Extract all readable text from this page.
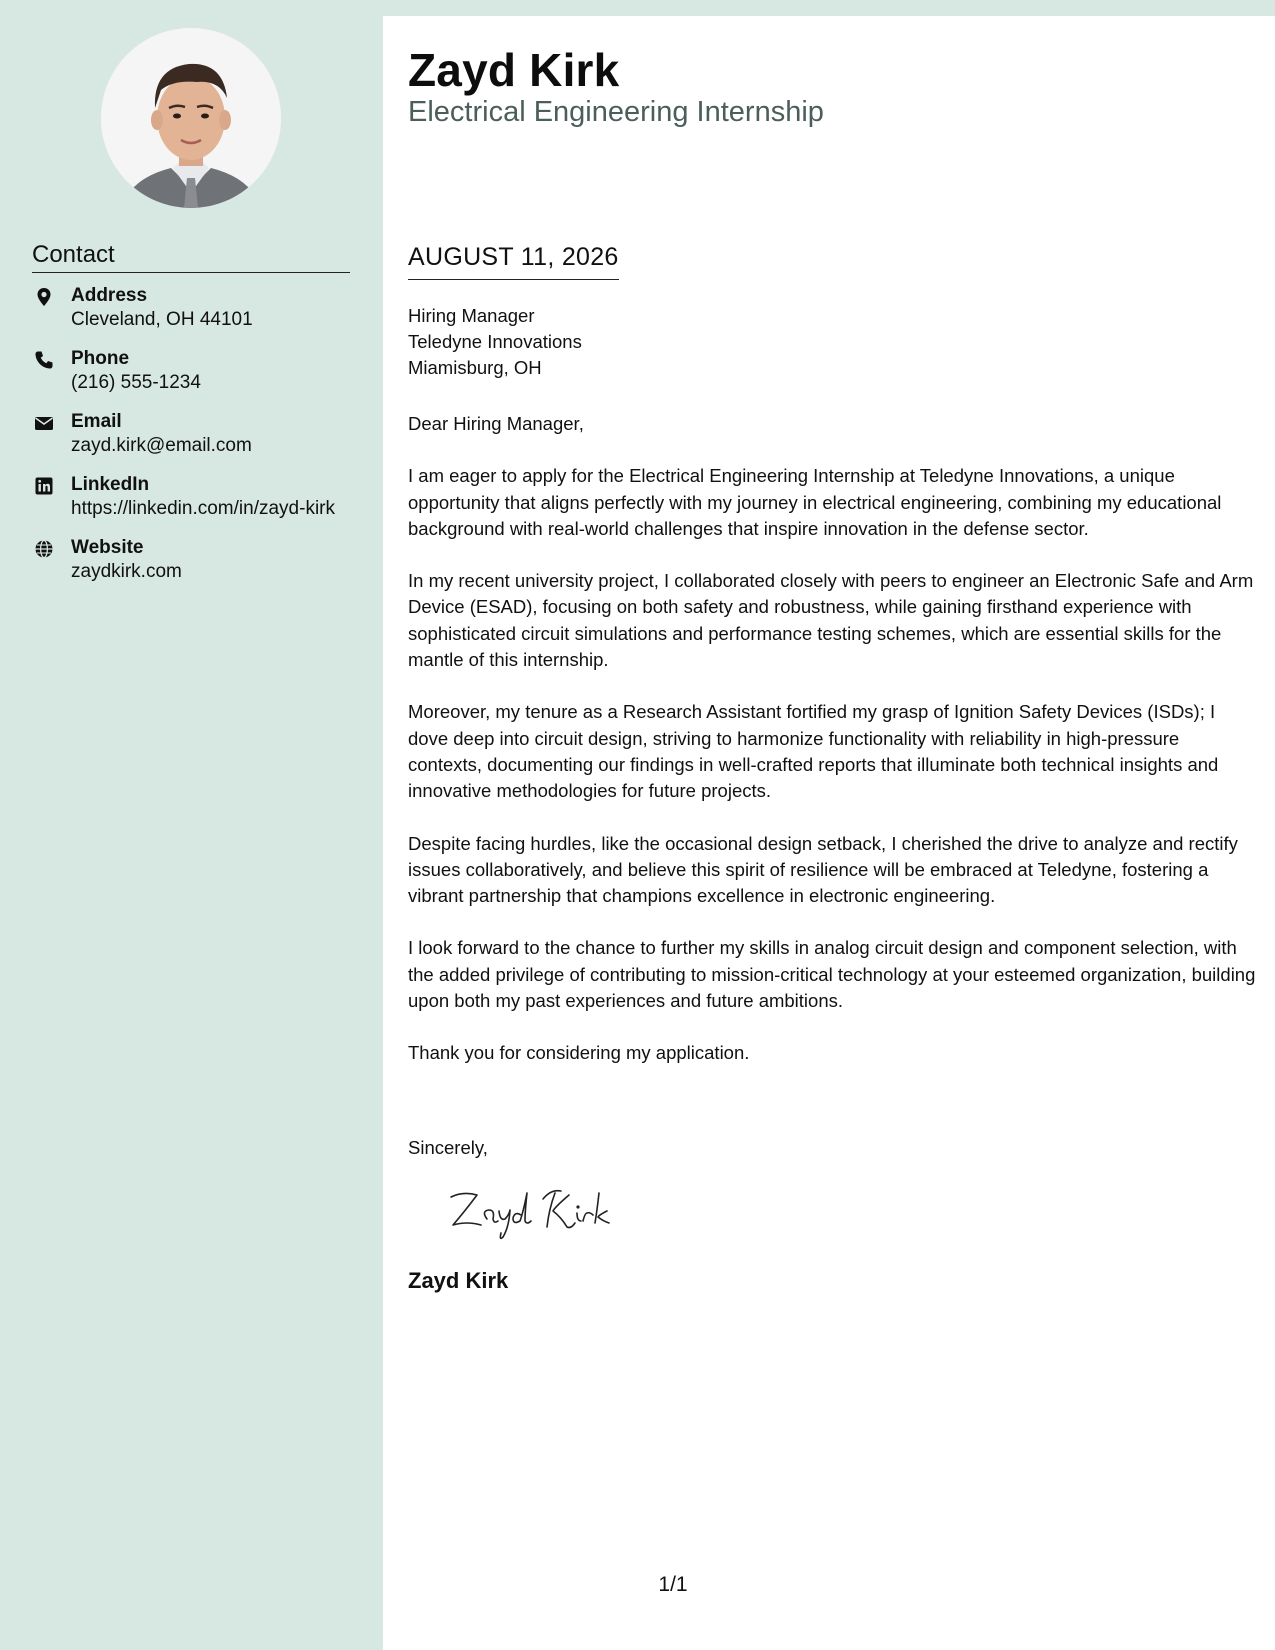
Contact
Address
Cleveland, OH 44101
Phone
(216) 555-1234
Email
zayd.kirk@email.com
LinkedIn
https://linkedin.com/in/zayd-kirk
Website
zaydkirk.com
Zayd Kirk
Electrical Engineering Internship
AUGUST 11, 2026
Hiring Manager
Teledyne Innovations
Miamisburg, OH

Dear Hiring Manager,

I am eager to apply for the Electrical Engineering Internship at Teledyne Innovations, a unique opportunity that aligns perfectly with my journey in electrical engineering, combining my educational background with real-world challenges that inspire innovation in the defense sector.

In my recent university project, I collaborated closely with peers to engineer an Electronic Safe and Arm Device (ESAD), focusing on both safety and robustness, while gaining firsthand experience with sophisticated circuit simulations and performance testing schemes, which are essential skills for the mantle of this internship.

Moreover, my tenure as a Research Assistant fortified my grasp of Ignition Safety Devices (ISDs); I dove deep into circuit design, striving to harmonize functionality with reliability in high-pressure contexts, documenting our findings in well-crafted reports that illuminate both technical insights and innovative methodologies for future projects.

Despite facing hurdles, like the occasional design setback, I cherished the drive to analyze and rectify issues collaboratively, and believe this spirit of resilience will be embraced at Teledyne, fostering a vibrant partnership that champions excellence in electronic engineering.

I look forward to the chance to further my skills in analog circuit design and component selection, with the added privilege of contributing to mission-critical technology at your esteemed organization, building upon both my past experiences and future ambitions.

Thank you for considering my application.

Sincerely,
Zayd Kirk
1/1
